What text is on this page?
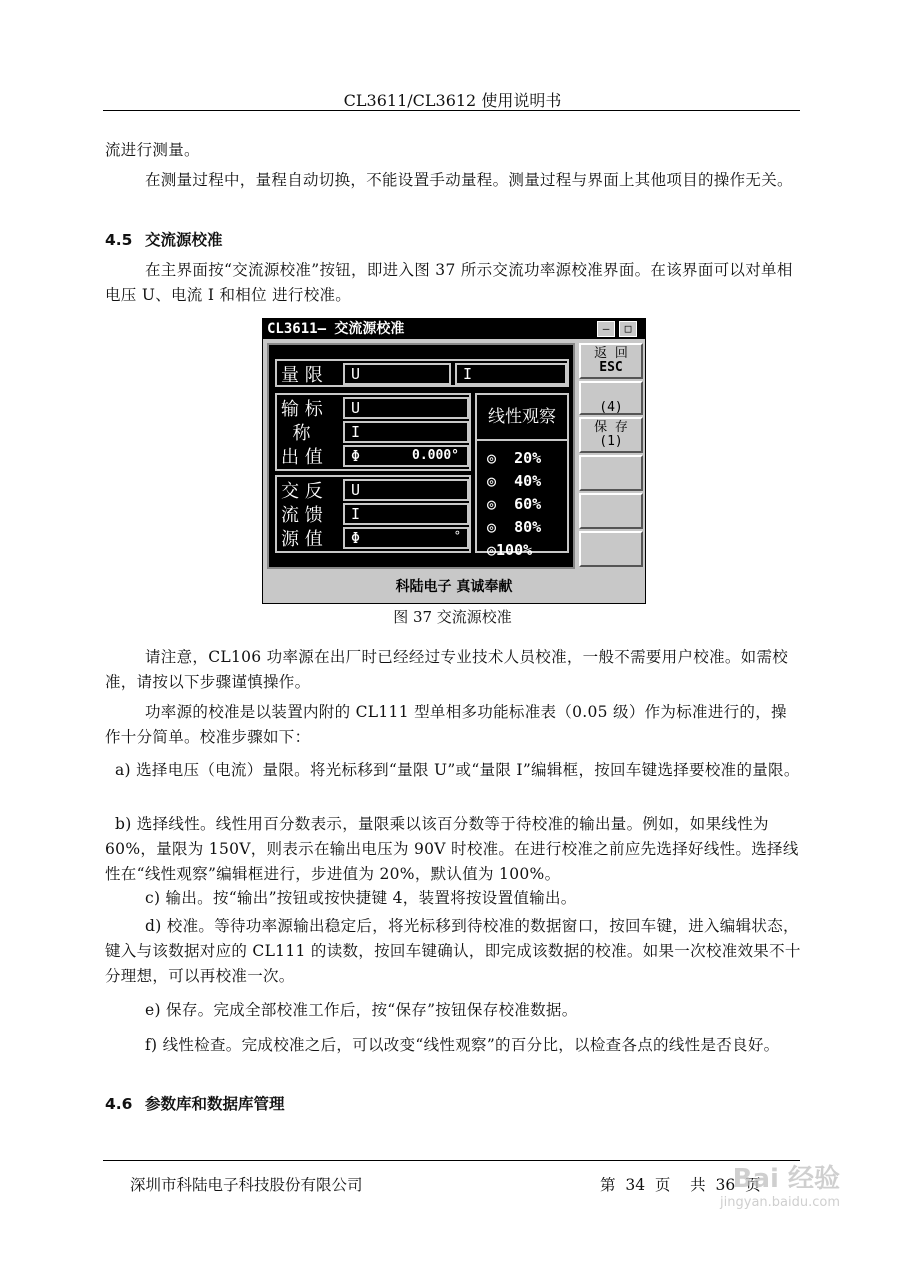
CL3611/CL3612 使用说明书
流进行测量。
在测量过程中，量程自动切换，不能设置手动量程。测量过程与界面上其他项目的操作无关。
4.5 交流源校准
在主界面按“交流源校准”按钮，即进入图 37 所示交流功率源校准界面。在该界面可以对单相电压 U、电流 I 和相位 进行校准。
CL3611— 交流源校准	—	□
量 限	U	I
输 标
称
出 值
U
I
Φ	0.000°
交 反
流 馈
源 值
U
I
Φ	°
线性观察
◎  20%
◎  40%
◎  60%
◎  80%
◎100%
返 回
ESC
(4)
保 存
(1)
科陆电子 真诚奉献
图 37 交流源校准
请注意，CL106 功率源在出厂时已经经过专业技术人员校准，一般不需要用户校准。如需校准，请按以下步骤谨慎操作。
功率源的校准是以装置内附的 CL111 型单相多功能标准表（0.05 级）作为标准进行的，操作十分简单。校准步骤如下：
a) 选择电压（电流）量限。将光标移到“量限 U”或“量限 I”编辑框，按回车键选择要校准的量限。
b) 选择线性。线性用百分数表示，量限乘以该百分数等于待校准的输出量。例如，如果线性为 60%，量限为 150V，则表示在输出电压为 90V 时校准。在进行校准之前应先选择好线性。选择线性在“线性观察”编辑框进行，步进值为 20%，默认值为 100%。
c) 输出。按“输出”按钮或按快捷键 4，装置将按设置值输出。
d) 校准。等待功率源输出稳定后，将光标移到待校准的数据窗口，按回车键，进入编辑状态，键入与该数据对应的 CL111 的读数，按回车键确认，即完成该数据的校准。如果一次校准效果不十分理想，可以再校准一次。
e) 保存。完成全部校准工作后，按“保存”按钮保存校准数据。
f) 线性检查。完成校准之后，可以改变“线性观察”的百分比，以检查各点的线性是否良好。
4.6 参数库和数据库管理
深圳市科陆电子科技股份有限公司	第  34  页    共  36  页
Bai 经验
jingyan.baidu.com
